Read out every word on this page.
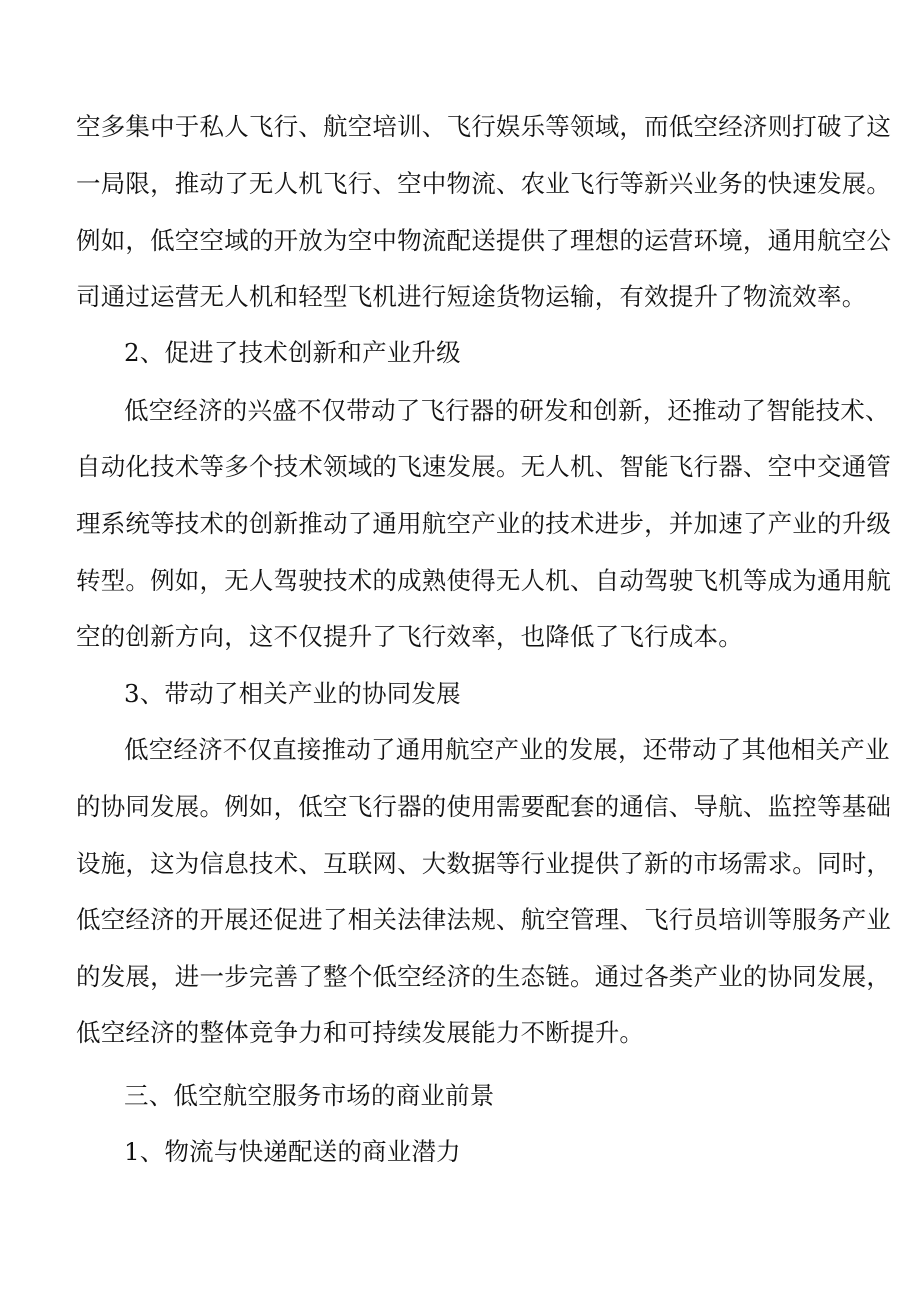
空多集中于私人飞行、航空培训、飞行娱乐等领域，而低空经济则打破了这
一局限，推动了无人机飞行、空中物流、农业飞行等新兴业务的快速发展。
例如，低空空域的开放为空中物流配送提供了理想的运营环境，通用航空公
司通过运营无人机和轻型飞机进行短途货物运输，有效提升了物流效率。
2、促进了技术创新和产业升级
低空经济的兴盛不仅带动了飞行器的研发和创新，还推动了智能技术、
自动化技术等多个技术领域的飞速发展。无人机、智能飞行器、空中交通管
理系统等技术的创新推动了通用航空产业的技术进步，并加速了产业的升级
转型。例如，无人驾驶技术的成熟使得无人机、自动驾驶飞机等成为通用航
空的创新方向，这不仅提升了飞行效率，也降低了飞行成本。
3、带动了相关产业的协同发展
低空经济不仅直接推动了通用航空产业的发展，还带动了其他相关产业
的协同发展。例如，低空飞行器的使用需要配套的通信、导航、监控等基础
设施，这为信息技术、互联网、大数据等行业提供了新的市场需求。同时，
低空经济的开展还促进了相关法律法规、航空管理、飞行员培训等服务产业
的发展，进一步完善了整个低空经济的生态链。通过各类产业的协同发展，
低空经济的整体竞争力和可持续发展能力不断提升。
三、低空航空服务市场的商业前景
1、物流与快递配送的商业潜力
